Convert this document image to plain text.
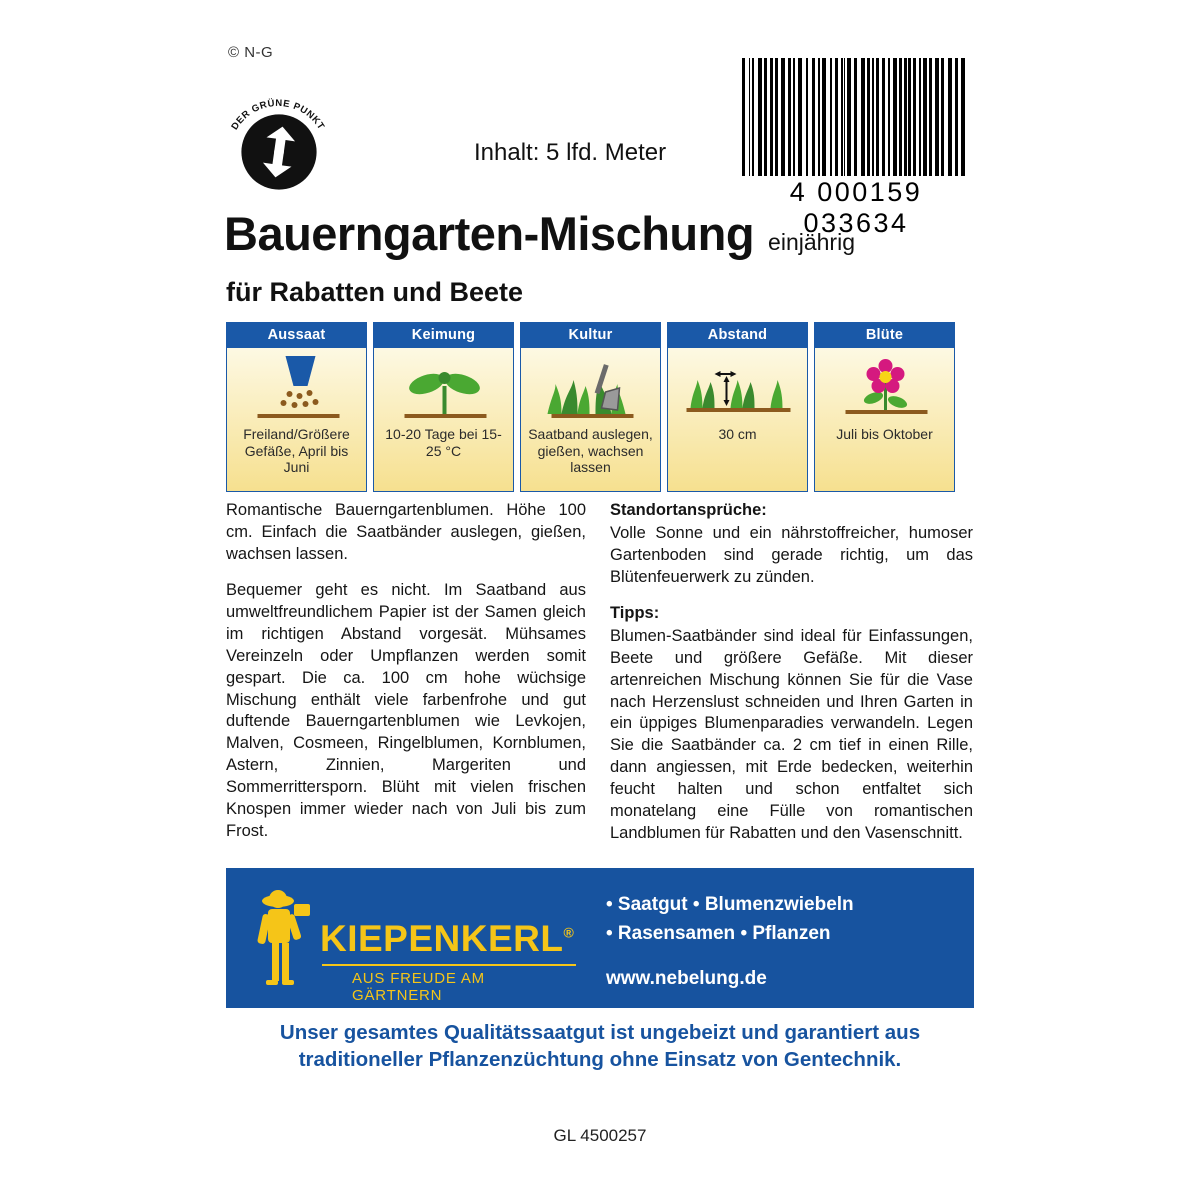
© N-G
DER GRÜNE PUNKT
Inhalt: 5 lfd. Meter
4 000159 033634
Bauerngarten-Mischung einjährig
für Rabatten und Beete
Aussaat
Freiland/Größere Gefäße, April bis Juni
Keimung
10-20 Tage bei 15-25 °C
Kultur
Saatband auslegen, gießen, wachsen lassen
Abstand
30 cm
Blüte
Juli bis Oktober

Romantische Bauerngartenblumen. Höhe 100 cm. Einfach die Saatbänder auslegen, gießen, wachsen lassen.

Bequemer geht es nicht. Im Saatband aus umweltfreundlichem Papier ist der Samen gleich im richtigen Abstand vorgesät. Mühsames Vereinzeln oder Umpflanzen werden somit gespart. Die ca. 100 cm hohe wüchsige Mischung enthält viele farbenfrohe und gut duftende Bauerngartenblumen wie Levkojen, Malven, Cosmeen, Ringelblumen, Kornblumen, Astern, Zinnien, Margeriten und Sommerrittersporn. Blüht mit vielen frischen Knospen immer wieder nach von Juli bis zum Frost.

Standortansprüche:

Volle Sonne und ein nährstoffreicher, humoser Gartenboden sind gerade richtig, um das Blütenfeuerwerk zu zünden.

Tipps:

Blumen-Saatbänder sind ideal für Einfassungen, Beete und größere Gefäße. Mit dieser artenreichen Mischung können Sie für die Vase nach Herzenslust schneiden und Ihren Garten in ein üppiges Blumenparadies verwandeln. Legen Sie die Saatbänder ca. 2 cm tief in einen Rille, dann angiessen, mit Erde bedecken, weiterhin feucht halten und schon entfaltet sich monatelang eine Fülle von romantischen Landblumen für Rabatten und den Vasenschnitt.

KIEPENKERL®
AUS FREUDE AM GÄRTNERN
• Saatgut • Blumenzwiebeln
• Rasensamen • Pflanzen
www.nebelung.de
Unser gesamtes Qualitätssaatgut ist ungebeizt und garantiert aus
traditioneller Pflanzenzüchtung ohne Einsatz von Gentechnik.
GL 4500257
